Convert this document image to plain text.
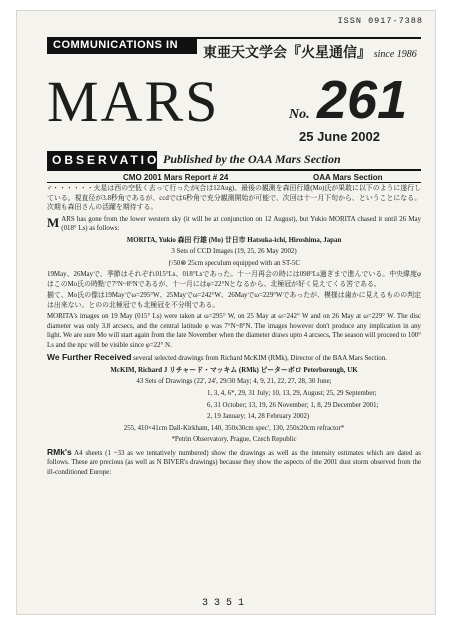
ISSN 0917-7388
COMMUNICATIONS IN
東亜天文学会『火星通信』 since 1986
MARS	No. 261
25 June 2002
OBSERVATIONS
Published by the OAA Mars Section
CMO 2001 Mars Report # 24	OAA Mars Section

♂・・・・・・火星は西の空低く去って行ったが(合は12Aug)、最後の観測を森田行雄(Mo)氏が果敢に以下のように遂行している。視直径が3.8秒角であるが、ccdでは6秒角で充分観測開始が可能で、次回は十一月下旬から、ということになる。次期も森田さんの活躍を期待する。

MARS has gone from the lower western sky (it will be at conjunction on 12 August), but Yukio MORITA chased it until 26 May (018° Ls) as follows:

MORITA, Yukio 森田 行雄 (Mo) 廿日市 Hatsuka-ichi, Hiroshima, Japan

3 Sets of CCD Images (19, 25, 26 May 2002)

ƒ/50⊗ 25cm speculum equipped with an ST-5C

19May、26Mayで、季節はそれぞれ015°Ls、018°Lsであった。十一月再会の時には098°Ls過ぎまで進んでいる。中央緯度φはこのMo氏の時點で7°N~8°Nであるが、十一月にはφ=22°Nとなるから、北極冠が好く見えてくる筈である。

揃て、Mo氏の像は19Mayでω=295°W、25Mayでω=242°W、26Mayでω=229°Wであったが、模様は歯かに見えるものの判定は出来ない。とのの北極冠でも北極冠を不分明である。

MORITA's images on 19 May (015° Ls) were taken at ω=295° W, on 25 May at ω=242° W and on 26 May at ω=229° W. The disc diameter was only 3.8 arcsecs, and the central latitude φ was 7°N~8°N. The images however don't produce any implication in any light. We are sure Mo will start again from the late November when the diameter draws upto 4 arcsecs, The season will proceed to 100° Ls and the npc will be visible since φ=22° N.

We Further Received several selected drawings from Richard McKIM (RMk), Director of the BAA Mars Section.

McKIM, Richard J リチャード・マッキム (RMk) ピーターボロ Peterborough, UK

43 Sets of Drawings (22', 24', 29/30 May; 4, 9, 21, 22, 27, 28, 30 June;

1, 3, 4, 6*, 29, 31 July; 10, 13, 29, August; 25, 29 September;

6, 31 October; 13, 19, 26 November; 1, 8, 29 December 2001;

2, 19 January; 14, 28 February 2002)

255, 410×41cm Dall-Kirkham, 140, 350x30cm spec', 130, 250x20cm refractor*

*Petrin Observatory, Prague, Czech Republic

RMk's A4 sheets (1 ~33 as we tentatively numbered) show the drawings as well as the intensity estimates which are dated as follows. These are precious (as well as N BIVER's drawings) because they show the aspects of the 2001 dust storm observed from the ill-conditioned Europe:

3351
